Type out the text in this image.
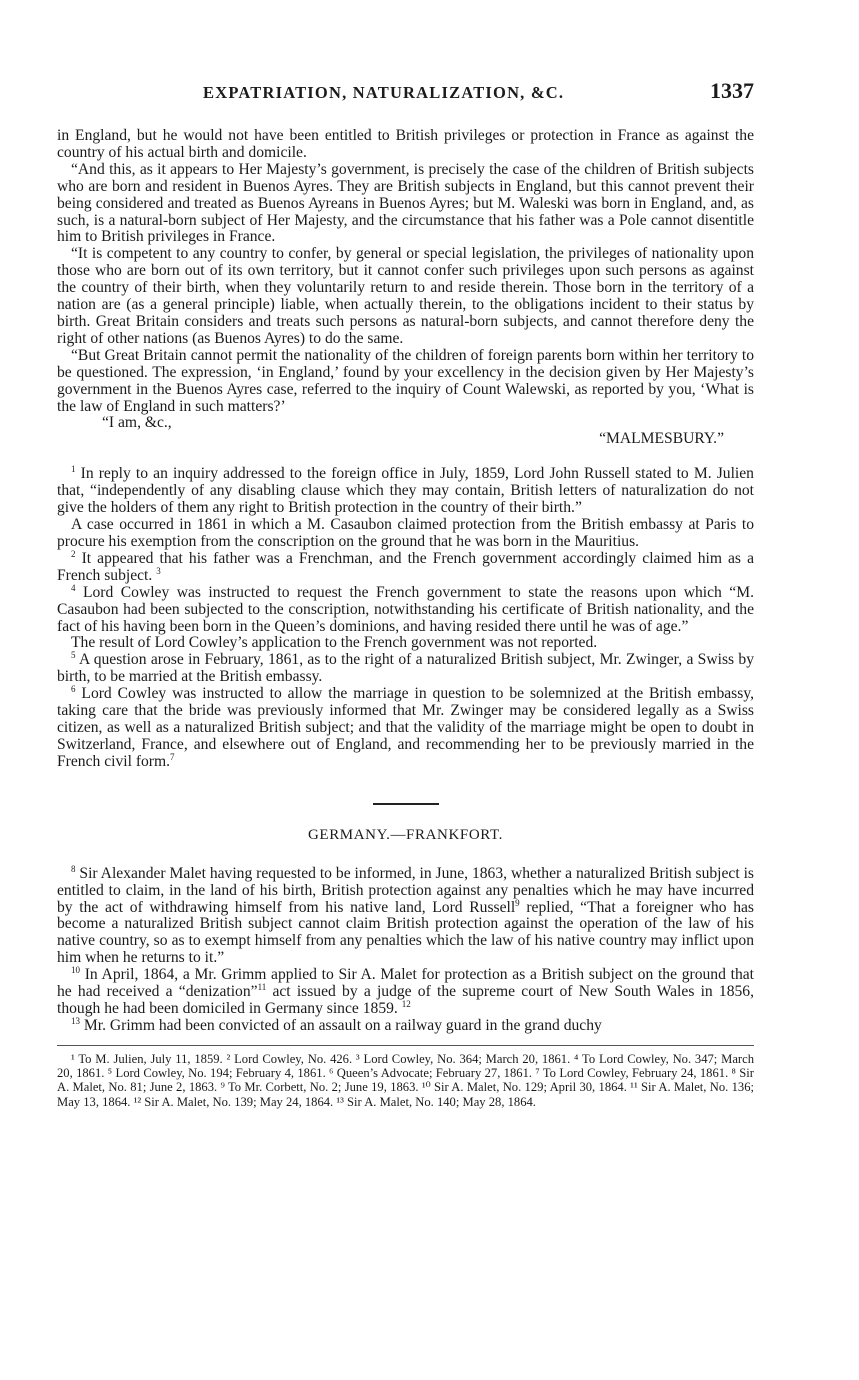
EXPATRIATION, NATURALIZATION, &C.	1337

in England, but he would not have been entitled to British privileges or protection in France as against the country of his actual birth and domicile.

“And this, as it appears to Her Majesty’s government, is precisely the case of the children of British subjects who are born and resident in Buenos Ayres. They are British subjects in England, but this cannot prevent their being considered and treated as Buenos Ayreans in Buenos Ayres; but M. Waleski was born in England, and, as such, is a natural-born subject of Her Majesty, and the circumstance that his father was a Pole cannot disentitle him to British privileges in France.

“It is competent to any country to confer, by general or special legislation, the privileges of nationality upon those who are born out of its own territory, but it cannot confer such privileges upon such persons as against the country of their birth, when they voluntarily return to and reside therein. Those born in the territory of a nation are (as a general principle) liable, when actually therein, to the obligations incident to their status by birth. Great Britain considers and treats such persons as natural-born subjects, and cannot therefore deny the right of other nations (as Buenos Ayres) to do the same.

“But Great Britain cannot permit the nationality of the children of foreign parents born within her territory to be questioned. The expression, ‘in England,’ found by your excellency in the decision given by Her Majesty’s government in the Buenos Ayres case, referred to the inquiry of Count Walewski, as reported by you, ‘What is the law of England in such matters?’

“I am, &c.,
“MALMESBURY.”

$^1$ In reply to an inquiry addressed to the foreign office in July, 1859, Lord John Russell stated to M. Julien that, “independently of any disabling clause which they may contain, British letters of naturalization do not give the holders of them any right to British protection in the country of their birth.”

A case occurred in 1861 in which a M. Casaubon claimed protection from the British embassy at Paris to procure his exemption from the conscription on the ground that he was born in the Mauritius.

$^2$ It appeared that his father was a Frenchman, and the French government accordingly claimed him as a French subject. $^3$

$^4$ Lord Cowley was instructed to request the French government to state the reasons upon which “M. Casaubon had been subjected to the conscription, notwithstanding his certificate of British nationality, and the fact of his having been born in the Queen’s dominions, and having resided there until he was of age.”

The result of Lord Cowley’s application to the French government was not reported.

$^5$ A question arose in February, 1861, as to the right of a naturalized British subject, Mr. Zwinger, a Swiss by birth, to be married at the British embassy.

$^6$ Lord Cowley was instructed to allow the marriage in question to be solemnized at the British embassy, taking care that the bride was previously informed that Mr. Zwinger may be considered legally as a Swiss citizen, as well as a naturalized British subject; and that the validity of the marriage might be open to doubt in Switzerland, France, and elsewhere out of England, and recommending her to be previously married in the French civil form.$^7$

GERMANY.—FRANKFORT.

$^8$ Sir Alexander Malet having requested to be informed, in June, 1863, whether a naturalized British subject is entitled to claim, in the land of his birth, British protection against any penalties which he may have incurred by the act of withdrawing himself from his native land, Lord Russell$^9$ replied, “That a foreigner who has become a naturalized British subject cannot claim British protection against the operation of the law of his native country, so as to exempt himself from any penalties which the law of his native country may inflict upon him when he returns to it.”

$^{10}$ In April, 1864, a Mr. Grimm applied to Sir A. Malet for protection as a British subject on the ground that he had received a “denization”$^{11}$ act issued by a judge of the supreme court of New South Wales in 1856, though he had been domiciled in Germany since 1859. $^{12}$

$^{13}$ Mr. Grimm had been convicted of an assault on a railway guard in the grand duchy

¹ To M. Julien, July 11, 1859. ² Lord Cowley, No. 426. ³ Lord Cowley, No. 364; March 20, 1861. ⁴ To Lord Cowley, No. 347; March 20, 1861. ⁵ Lord Cowley, No. 194; February 4, 1861. ⁶ Queen’s Advocate; February 27, 1861. ⁷ To Lord Cowley, February 24, 1861. ⁸ Sir A. Malet, No. 81; June 2, 1863. ⁹ To Mr. Corbett, No. 2; June 19, 1863. ¹⁰ Sir A. Malet, No. 129; April 30, 1864. ¹¹ Sir A. Malet, No. 136; May 13, 1864. ¹² Sir A. Malet, No. 139; May 24, 1864. ¹³ Sir A. Malet, No. 140; May 28, 1864.
